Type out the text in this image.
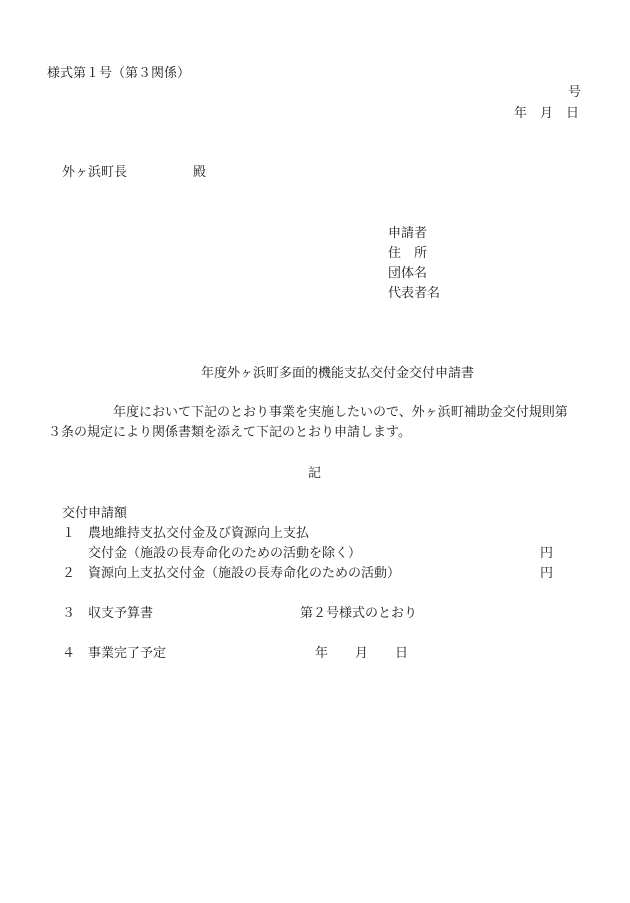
様式第１号（第３関係）

号

年　月　日

外ヶ浜町長	殿

申請者

住　所

団体名

代表者名

年度外ヶ浜町多面的機能支払交付金交付申請書

年度において下記のとおり事業を実施したいので、外ヶ浜町補助金交付規則第

３条の規定により関係書類を添えて下記のとおり申請します。

記

交付申請額

１ 農地維持支払交付金及び資源向上支払

交付金（施設の長寿命化のための活動を除く）	円

２ 資源向上支払交付金（施設の長寿命化のための活動）	円

３ 収支予算書	第２号様式のとおり

４ 事業完了予定	年 月 日
